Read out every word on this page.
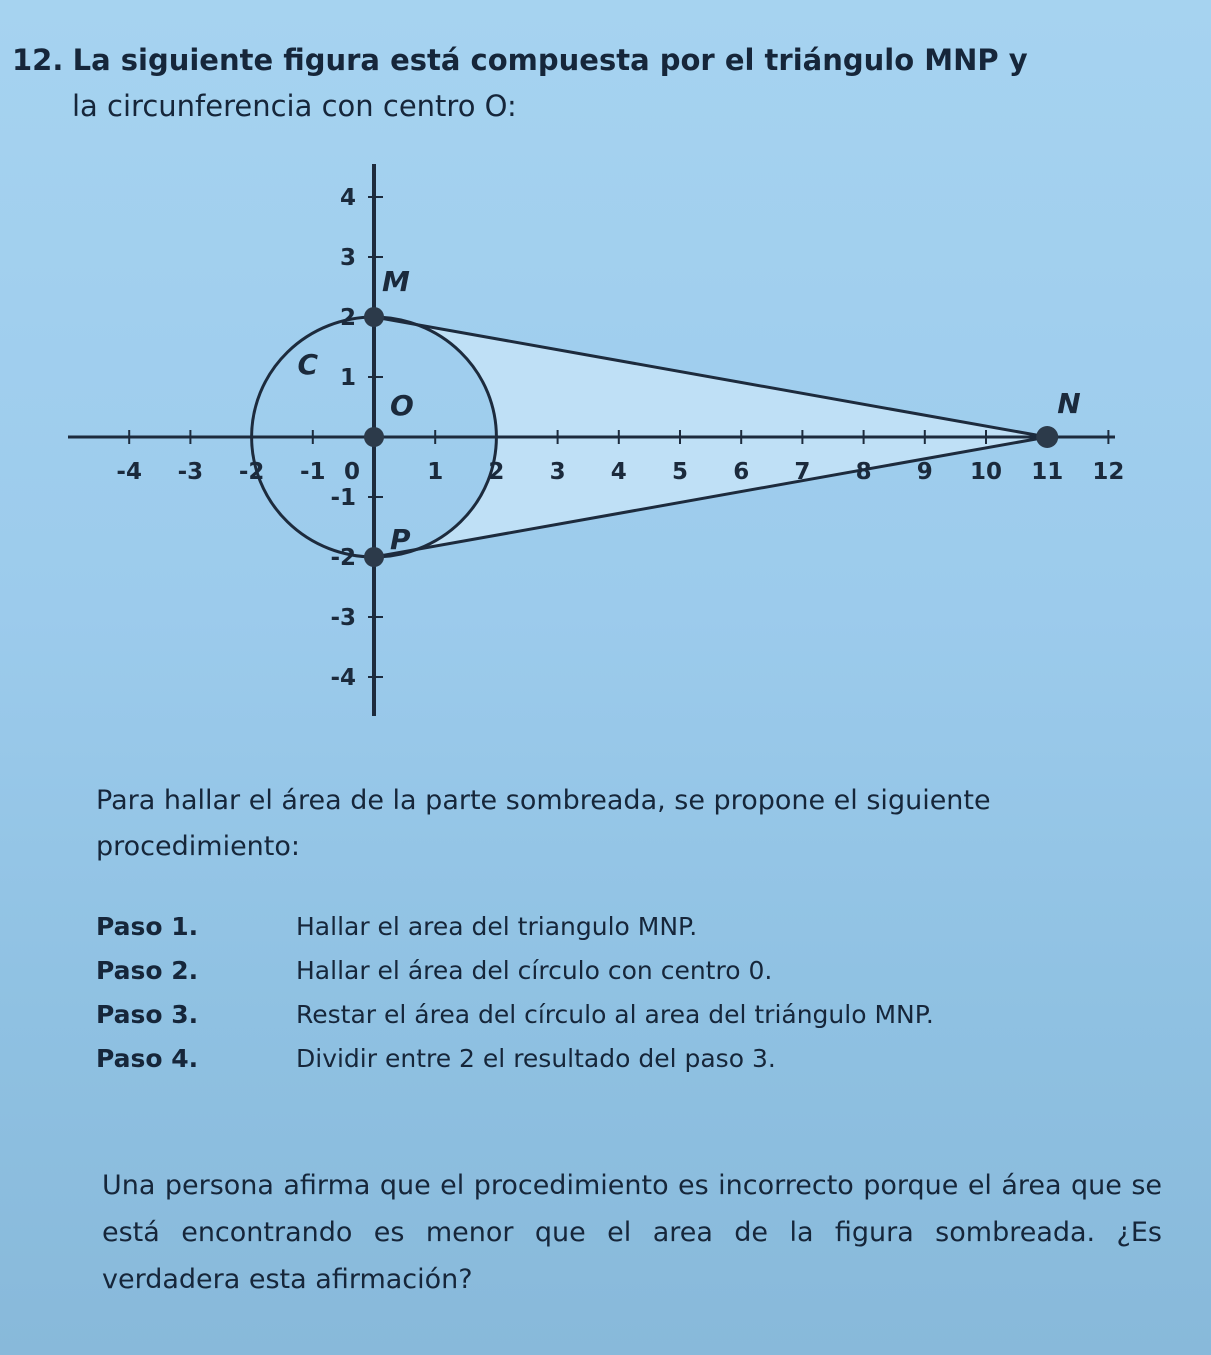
12. La siguiente figura está compuesta por el triángulo MNP y
la circunferencia con centro O:
-4 -3 -2 -1 0	1 2 3 4 5 6 7 8 9 10 11 12
4
3
2
1
-1
-2
-3
-4
M
N
P
O
C
Para hallar el área de la parte sombreada, se propone el siguiente procedimiento:
Paso 1.	Hallar el area del triangulo MNP.
Paso 2.	Hallar el área del círculo con centro 0.
Paso 3.	Restar el área del círculo al area del triángulo MNP.
Paso 4.	Dividir entre 2 el resultado del paso 3.
Una persona afirma que el procedimiento es incorrecto porque el área que se está encontrando es menor que el area de la figura sombreada. ¿Es verdadera esta afirmación?
